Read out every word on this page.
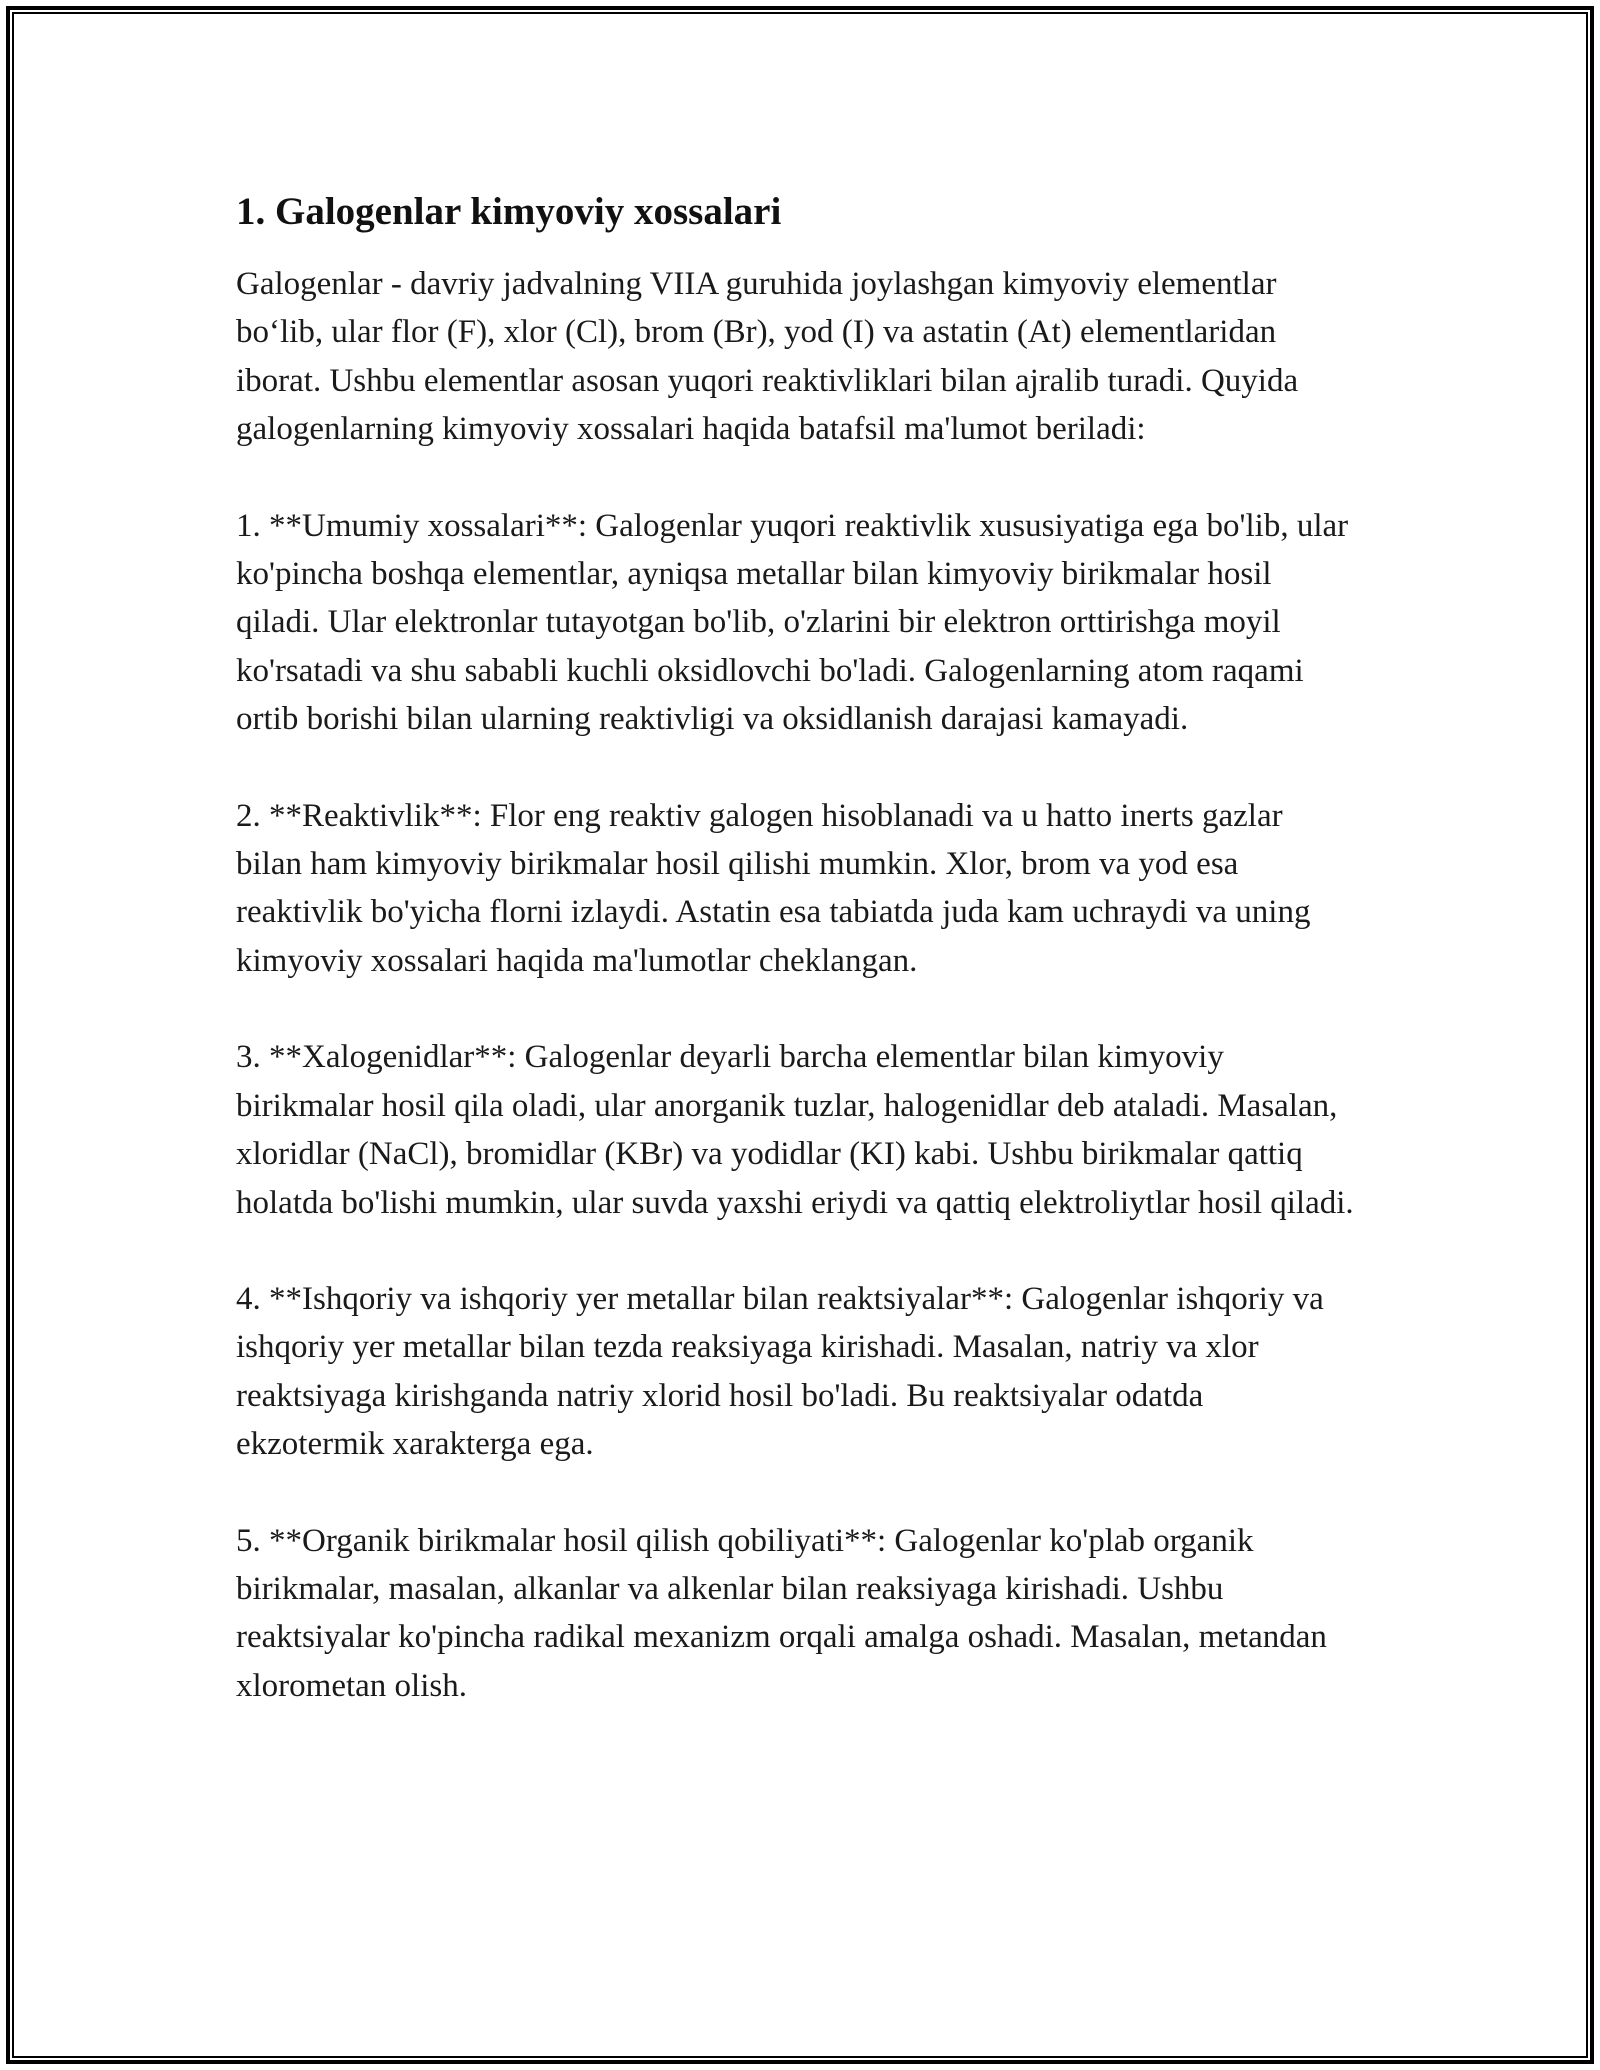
1. Galogenlar kimyoviy xossalari

Galogenlar - davriy jadvalning VIIA guruhida joylashgan kimyoviy elementlar bo‘lib, ular flor (F), xlor (Cl), brom (Br), yod (I) va astatin (At) elementlaridan iborat. Ushbu elementlar asosan yuqori reaktivliklari bilan ajralib turadi. Quyida galogenlarning kimyoviy xossalari haqida batafsil ma'lumot beriladi:

1. **Umumiy xossalari**: Galogenlar yuqori reaktivlik xususiyatiga ega bo'lib, ular ko'pincha boshqa elementlar, ayniqsa metallar bilan kimyoviy birikmalar hosil qiladi. Ular elektronlar tutayotgan bo'lib, o'zlarini bir elektron orttirishga moyil ko'rsatadi va shu sababli kuchli oksidlovchi bo'ladi. Galogenlarning atom raqami ortib borishi bilan ularning reaktivligi va oksidlanish darajasi kamayadi.

2. **Reaktivlik**: Flor eng reaktiv galogen hisoblanadi va u hatto inerts gazlar bilan ham kimyoviy birikmalar hosil qilishi mumkin. Xlor, brom va yod esa reaktivlik bo'yicha florni izlaydi. Astatin esa tabiatda juda kam uchraydi va uning kimyoviy xossalari haqida ma'lumotlar cheklangan.

3. **Xalogenidlar**: Galogenlar deyarli barcha elementlar bilan kimyoviy birikmalar hosil qila oladi, ular anorganik tuzlar, halogenidlar deb ataladi. Masalan, xloridlar (NaCl), bromidlar (KBr) va yodidlar (KI) kabi. Ushbu birikmalar qattiq holatda bo'lishi mumkin, ular suvda yaxshi eriydi va qattiq elektroliytlar hosil qiladi.

4. **Ishqoriy va ishqoriy yer metallar bilan reaktsiyalar**: Galogenlar ishqoriy va ishqoriy yer metallar bilan tezda reaksiyaga kirishadi. Masalan, natriy va xlor reaktsiyaga kirishganda natriy xlorid hosil bo'ladi. Bu reaktsiyalar odatda ekzotermik xarakterga ega.

5. **Organik birikmalar hosil qilish qobiliyati**: Galogenlar ko'plab organik birikmalar, masalan, alkanlar va alkenlar bilan reaksiyaga kirishadi. Ushbu reaktsiyalar ko'pincha radikal mexanizm orqali amalga oshadi. Masalan, metandan xlorometan olish.
